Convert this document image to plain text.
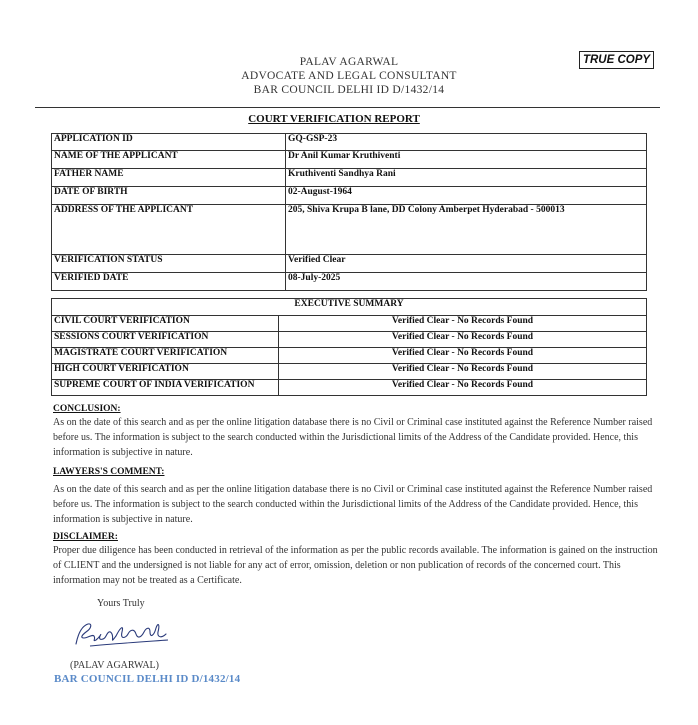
TRUE COPY
PALAV AGARWAL
ADVOCATE AND LEGAL CONSULTANT
BAR COUNCIL DELHI ID D/1432/14
COURT VERIFICATION REPORT
APPLICATION ID	GQ-GSP-23
NAME OF THE APPLICANT	Dr Anil Kumar Kruthiventi
FATHER NAME	Kruthiventi Sandhya Rani
DATE OF BIRTH	02-August-1964
ADDRESS OF THE APPLICANT	205, Shiva Krupa B lane, DD Colony Amberpet Hyderabad - 500013
VERIFICATION STATUS	Verified Clear
VERIFIED DATE	08-July-2025
EXECUTIVE SUMMARY	
CIVIL COURT VERIFICATION	Verified Clear - No Records Found
SESSIONS COURT VERIFICATION	Verified Clear - No Records Found
MAGISTRATE COURT VERIFICATION	Verified Clear - No Records Found
HIGH COURT VERIFICATION	Verified Clear - No Records Found
SUPREME COURT OF INDIA VERIFICATION	Verified Clear - No Records Found
CONCLUSION:
As on the date of this search and as per the online litigation database there is no Civil or Criminal case instituted against the Reference Number raised before us. The information is subject to the search conducted within the Jurisdictional limits of the Address of the Candidate provided. Hence, this information is subjective in nature.
LAWYERS'S COMMENT:
As on the date of this search and as per the online litigation database there is no Civil or Criminal case instituted against the Reference Number raised before us. The information is subject to the search conducted within the Jurisdictional limits of the Address of the Candidate provided. Hence, this information is subjective in nature.
DISCLAIMER:
Proper due diligence has been conducted in retrieval of the information as per the public records available. The information is gained on the instruction of CLIENT and the undersigned is not liable for any act of error, omission, deletion or non publication of records of the concerned court. This information may not be treated as a Certificate.
Yours Truly
(PALAV AGARWAL)
BAR COUNCIL DELHI ID D/1432/14
